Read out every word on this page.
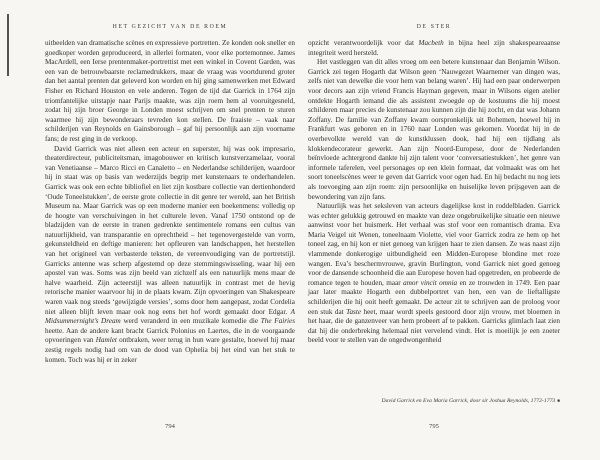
HET GEZICHT VAN DE ROEM

uitbeelden van dramatische scènes en expressieve portretten. Ze konden ook sneller en goedkoper worden geproduceerd, in allerlei formaten, voor elke portemonnee. James MacArdell, een Ierse prentenmaker-portrettist met een winkel in Covent Garden, was een van de betrouwbaarste reclamedrukkers, maar de vraag was voortdurend groter dan het aantal prenten dat geleverd kon worden en hij ging samenwerken met Edward Fisher en Richard Houston en vele anderen. Tegen de tijd dat Garrick in 1764 zijn triomfantelijke uitstapje naar Parijs maakte, was zijn roem hem al vooruitgesneld, zodat hij zijn broer George in Londen moest schrijven om snel prenten te sturen waarmee hij zijn bewonderaars tevreden kon stellen. De fraaiste – vaak naar schilderijen van Reynolds en Gainsborough – gaf hij persoonlijk aan zijn voorname fans; de rest ging in de verkoop.

David Garrick was niet alleen een acteur en superster, hij was ook impresario, theaterdirecteur, publiciteitsman, imagobouwer en kritisch kunstverzamelaar, vooral van Venetiaanse – Marco Ricci en Canaletto – en Nederlandse schilderijen, waardoor hij in staat was op basis van wederzijds begrip met kunstenaars te onderhandelen. Garrick was ook een echte bibliofiel en liet zijn kostbare collectie van dertienhonderd ‘Oude Toneelstukken’, de eerste grote collectie in dit genre ter wereld, aan het British Museum na. Maar Garrick was op een moderne manier een boekenmens: volledig op de hoogte van verschuivingen in het culturele leven. Vanaf 1750 ontstond op de bladzijden van de eerste in tranen gedrenkte sentimentele romans een cultus van natuurlijkheid, van transparantie en oprechtheid – het tegenovergestelde van vorm, gekunsteldheid en deftige manieren: het opfleuren van landschappen, het herstellen van het origineel van verbasterde teksten, de vereenvoudiging van de portretstijl. Garricks antenne was scherp afgestemd op deze stemmingswisseling, waar hij een apostel van was. Soms was zijn beeld van zichzelf als een natuurlijk mens maar de halve waarheid. Zijn acteerstijl was alleen natuurlijk in contrast met de hevig retorische manier waarvoor hij in de plaats kwam. Zijn opvoeringen van Shakespeare waren vaak nog steeds ‘gewijzigde versies’, soms door hem aangepast, zodat Cordelia niet alleen blijft leven maar ook nog eens het hof wordt gemaakt door Edgar. A Midsummernight’s Dream werd veranderd in een muzikale komedie die The Fairies heette. Aan de andere kant bracht Garrick Polonius en Laertes, die in de voorgaande opvoeringen van Hamlet ontbraken, weer terug in hun ware gestalte, hoewel hij maar zestig regels nodig had om van de dood van Ophelia bij het eind van het stuk te komen. Toch was hij er in zeker

794
DE STER

opzicht verantwoordelijk voor dat Macbeth in bijna heel zijn shakespeareaanse integriteit werd hersteld.

Het vastleggen van dit alles vroeg om een betere kunstenaar dan Benjamin Wilson. Garrick zei tegen Hogarth dat Wilson geen ‘Nauwgezet Waarnemer van dingen was, zelfs niet van dewelke die voor hem van belang waren’. Hij had een paar onderwerpen voor decors aan zijn vriend Francis Hayman gegeven, maar in Wilsons eigen atelier ontdekte Hogarth iemand die als assistent zwoegde op de kostuums die hij moest schilderen maar precies de kunstenaar zou kunnen zijn die hij zocht, en dat was Johann Zoffany. De familie van Zoffany kwam oorspronkelijk uit Bohemen, hoewel hij in Frankfurt was geboren en in 1760 naar Londen was gekomen. Voordat hij in de overbevolkte wereld van de kunstklussen dook, had hij een tijdlang als klokkendecorateur gewerkt. Aan zijn Noord-Europese, door de Nederlanden beïnvloede achtergrond dankte hij zijn talent voor ‘conversatiestukken’, het genre van informele taferelen, veel personages op een klein formaat, dat volmaakt was om het soort toneelscènes weer te geven dat Garrick voor ogen had. En hij bedacht nu nog iets als toevoeging aan zijn roem: zijn persoonlijke en huiselijke leven prijsgeven aan de bewondering van zijn fans.

Natuurlijk was het seksleven van acteurs dagelijkse kost in roddelbladen. Garrick was echter gelukkig getrouwd en maakte van deze ongebruikelijke situatie een nieuwe aanwinst voor het huismerk. Het verhaal was stof voor een romantisch drama. Eva Maria Veigel uit Wenen, toneelnaam Violette, viel voor Garrick zodra ze hem op het toneel zag, en hij kon er niet genoeg van krijgen haar te zien dansen. Ze was naast zijn vlammende donkerogige uitbundigheid een Midden-Europese blondine met roze wangen. Eva’s beschermvrouwe, gravin Burlington, vond Garrick niet goed genoeg voor de dansende schoonheid die aan Europese hoven had opgetreden, en probeerde de romance tegen te houden, maar amor vincit omnia en ze trouwden in 1749. Een paar jaar later maakte Hogarth een dubbelportret van hen, een van de lieftalligste schilderijen die hij ooit heeft gemaakt. De acteur zit te schrijven aan de proloog voor een stuk dat Taste heet, maar wordt speels gestoord door zijn vrouw, met bloemen in het haar, die de ganzenveer van hem probeert af te pakken. Garricks glimlach laat zien dat hij die onderbreking helemaal niet vervelend vindt. Het is moeilijk je een zoeter beeld voor te stellen van de ongedwongenheid

David Garrick en Eva Maria Garrick, door sir Joshua Reynolds, 1772-1773 ■
795
